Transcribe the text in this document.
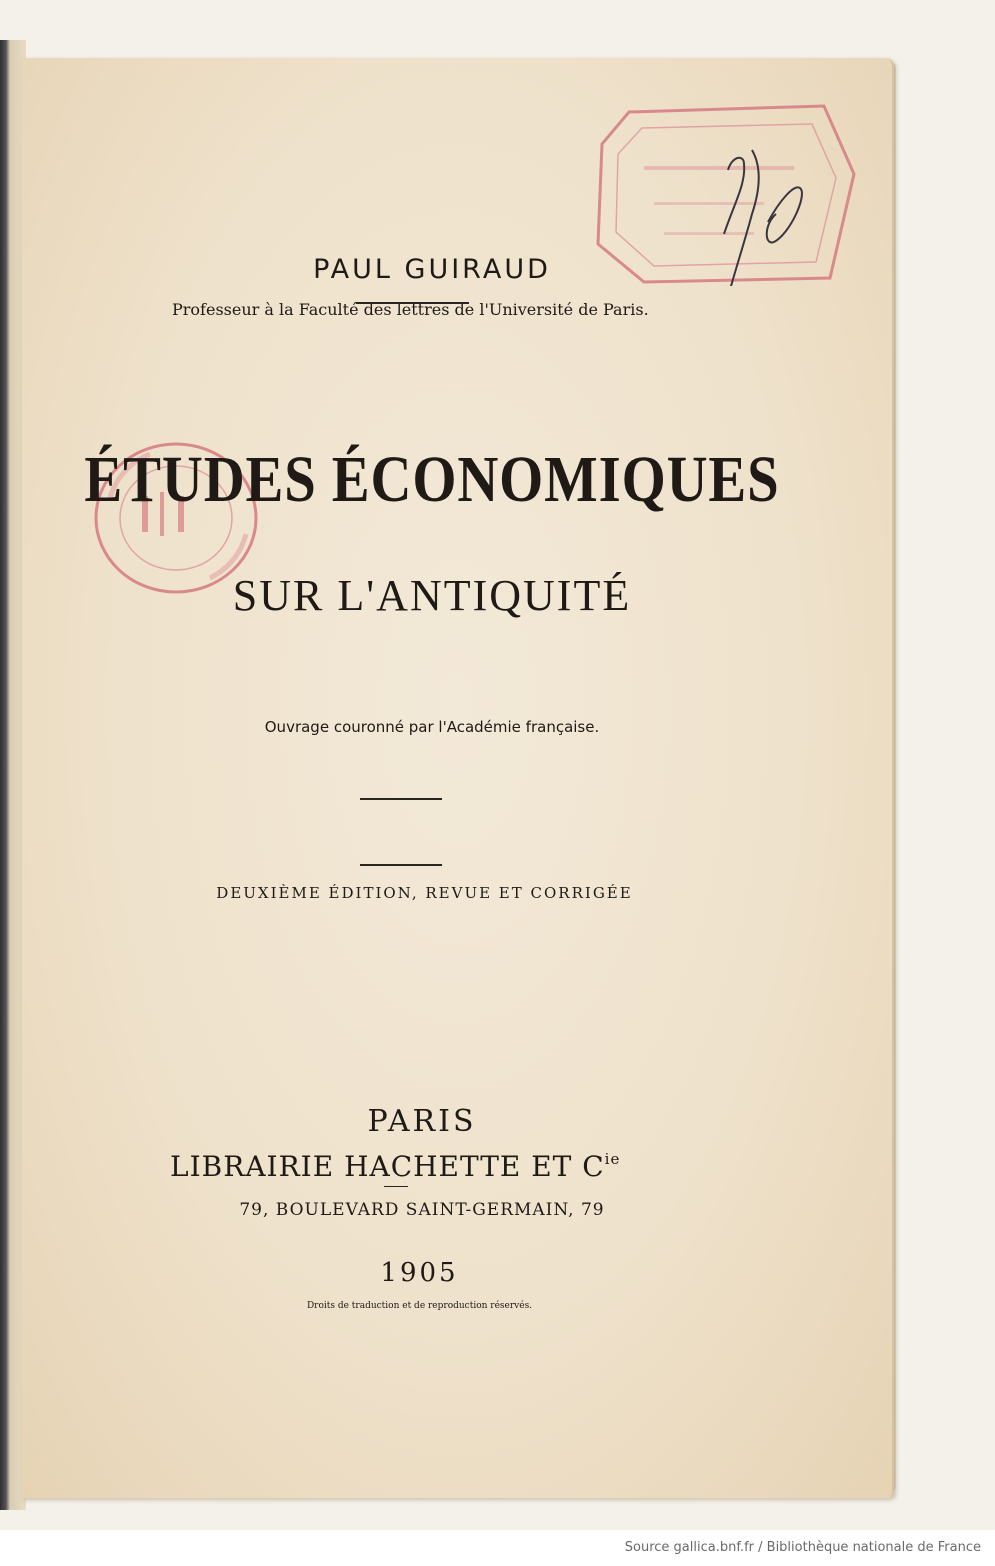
PAUL GUIRAUD
Professeur à la Faculté des lettres de l'Université de Paris.
ÉTUDES ÉCONOMIQUES
SUR L'ANTIQUITÉ
Ouvrage couronné par l'Académie française.
DEUXIÈME ÉDITION, REVUE ET CORRIGÉE
PARIS
LIBRAIRIE HACHETTE ET $C^{ie}$
79, BOULEVARD SAINT-GERMAIN, 79
1905
Droits de traduction et de reproduction réservés.
Source gallica.bnf.fr / Bibliothèque nationale de France
